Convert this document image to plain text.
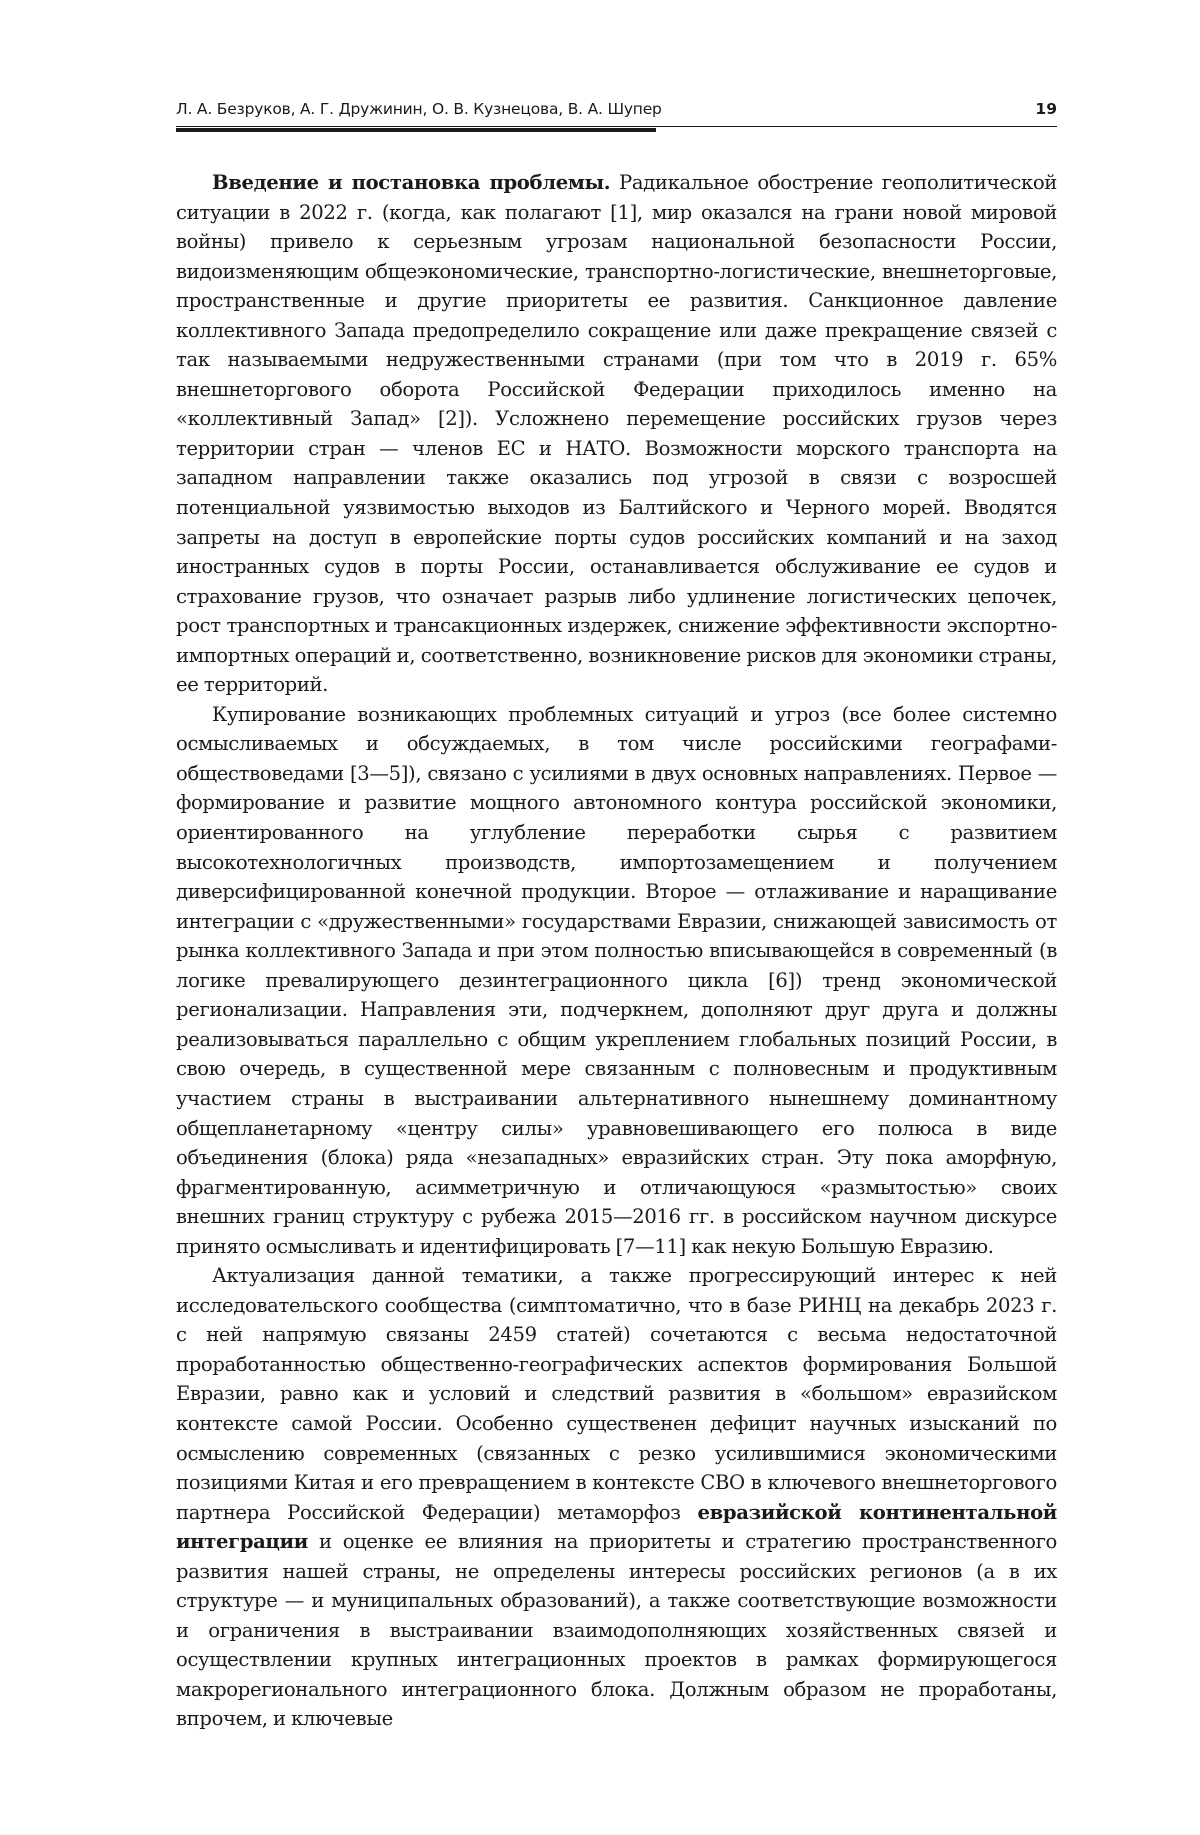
Л. А. Безруков, А. Г. Дружинин, О. В. Кузнецова, В. А. Шупер	19

Введение и постановка проблемы. Радикальное обострение геополитической ситуации в 2022 г. (когда, как полагают [1], мир оказался на грани новой мировой войны) привело к серьезным угрозам национальной безопасности России, видоизменяющим общеэкономические, транспортно-логистические, внешнеторговые, пространственные и другие приоритеты ее развития. Санкционное давление коллективного Запада предопределило сокращение или даже прекращение связей с так называемыми недружественными странами (при том что в 2019 г. 65% внешнеторгового оборота Российской Федерации приходилось именно на «коллективный Запад» [2]). Усложнено перемещение российских грузов через территории стран — членов ЕС и НАТО. Возможности морского транспорта на западном направлении также оказались под угрозой в связи с возросшей потенциальной уязвимостью выходов из Балтийского и Черного морей. Вводятся запреты на доступ в европейские порты судов российских компаний и на заход иностранных судов в порты России, останавливается обслуживание ее судов и страхование грузов, что означает разрыв либо удлинение логистических цепочек, рост транспортных и трансакционных издержек, снижение эффективности экспортно-импортных операций и, соответственно, возникновение рисков для экономики страны, ее территорий.

Купирование возникающих проблемных ситуаций и угроз (все более системно осмысливаемых и обсуждаемых, в том числе российскими географами-обществоведами [3—5]), связано с усилиями в двух основных направлениях. Первое — формирование и развитие мощного автономного контура российской экономики, ориентированного на углубление переработки сырья с развитием высокотехнологичных производств, импортозамещением и получением диверсифицированной конечной продукции. Второе — отлаживание и наращивание интеграции с «дружественными» государствами Евразии, снижающей зависимость от рынка коллективного Запада и при этом полностью вписывающейся в современный (в логике превалирующего дезинтеграционного цикла [6]) тренд экономической регионализации. Направления эти, подчеркнем, дополняют друг друга и должны реализовываться параллельно с общим укреплением глобальных позиций России, в свою очередь, в существенной мере связанным с полновесным и продуктивным участием страны в выстраивании альтернативного нынешнему доминантному общепланетарному «центру силы» уравновешивающего его полюса в виде объединения (блока) ряда «незападных» евразийских стран. Эту пока аморфную, фрагментированную, асимметричную и отличающуюся «размытостью» своих внешних границ структуру с рубежа 2015—2016 гг. в российском научном дискурсе принято осмысливать и идентифицировать [7—11] как некую Большую Евразию.

Актуализация данной тематики, а также прогрессирующий интерес к ней исследовательского сообщества (симптоматично, что в базе РИНЦ на декабрь 2023 г. с ней напрямую связаны 2459 статей) сочетаются с весьма недостаточной проработанностью общественно-географических аспектов формирования Большой Евразии, равно как и условий и следствий развития в «большом» евразийском контексте самой России. Особенно существенен дефицит научных изысканий по осмыслению современных (связанных с резко усилившимися экономическими позициями Китая и его превращением в контексте СВО в ключевого внешнеторгового партнера Российской Федерации) метаморфоз евразийской континентальной интеграции и оценке ее влияния на приоритеты и стратегию пространственного развития нашей страны, не определены интересы российских регионов (а в их структуре — и муниципальных образований), а также соответствующие возможности и ограничения в выстраивании взаимодополняющих хозяйственных связей и осуществлении крупных интеграционных проектов в рамках формирующегося макрорегионального интеграционного блока. Должным образом не проработаны, впрочем, и ключевые
